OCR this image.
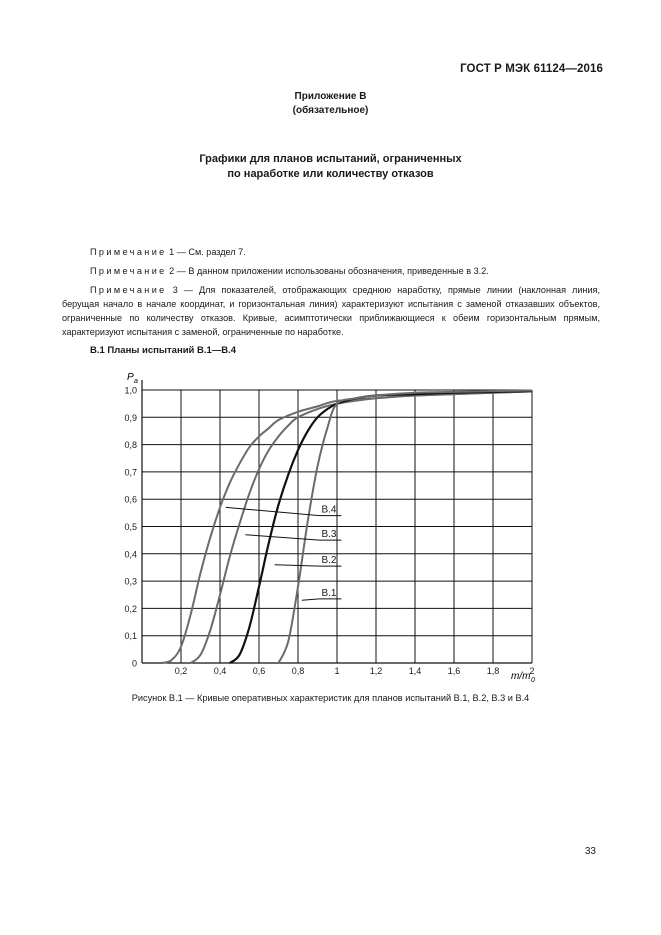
ГОСТ Р МЭК 61124—2016
Приложение В
(обязательное)
Графики для планов испытаний, ограниченных
по наработке или количеству отказов
Примечание 1 — См. раздел 7.
Примечание 2 — В данном приложении использованы обозначения, приведенные в 3.2.
Примечание 3 — Для показателей, отображающих среднюю наработку, прямые линии (наклонная линия, берущая начало в начале координат, и горизонтальная линия) характеризуют испытания с заменой отказавших объектов, ограниченные по количеству отказов. Кривые, асимптотически приближающиеся к обеим горизонтальным прямым, характеризуют испытания с заменой, ограниченные по наработке.
В.1 Планы испытаний В.1—В.4
0
0,1
0,2
0,3
0,4
0,5
0,6
0,7
0,8
0,9
1,0
0,2	0,4	0,6	0,8	1	1,2	1,4	1,6	1,8	2
В.4
В.3
В.2
В.1
P a
m/m 0
Рисунок В.1 — Кривые оперативных характеристик для планов испытаний В.1, В.2, В.3 и В.4
33
